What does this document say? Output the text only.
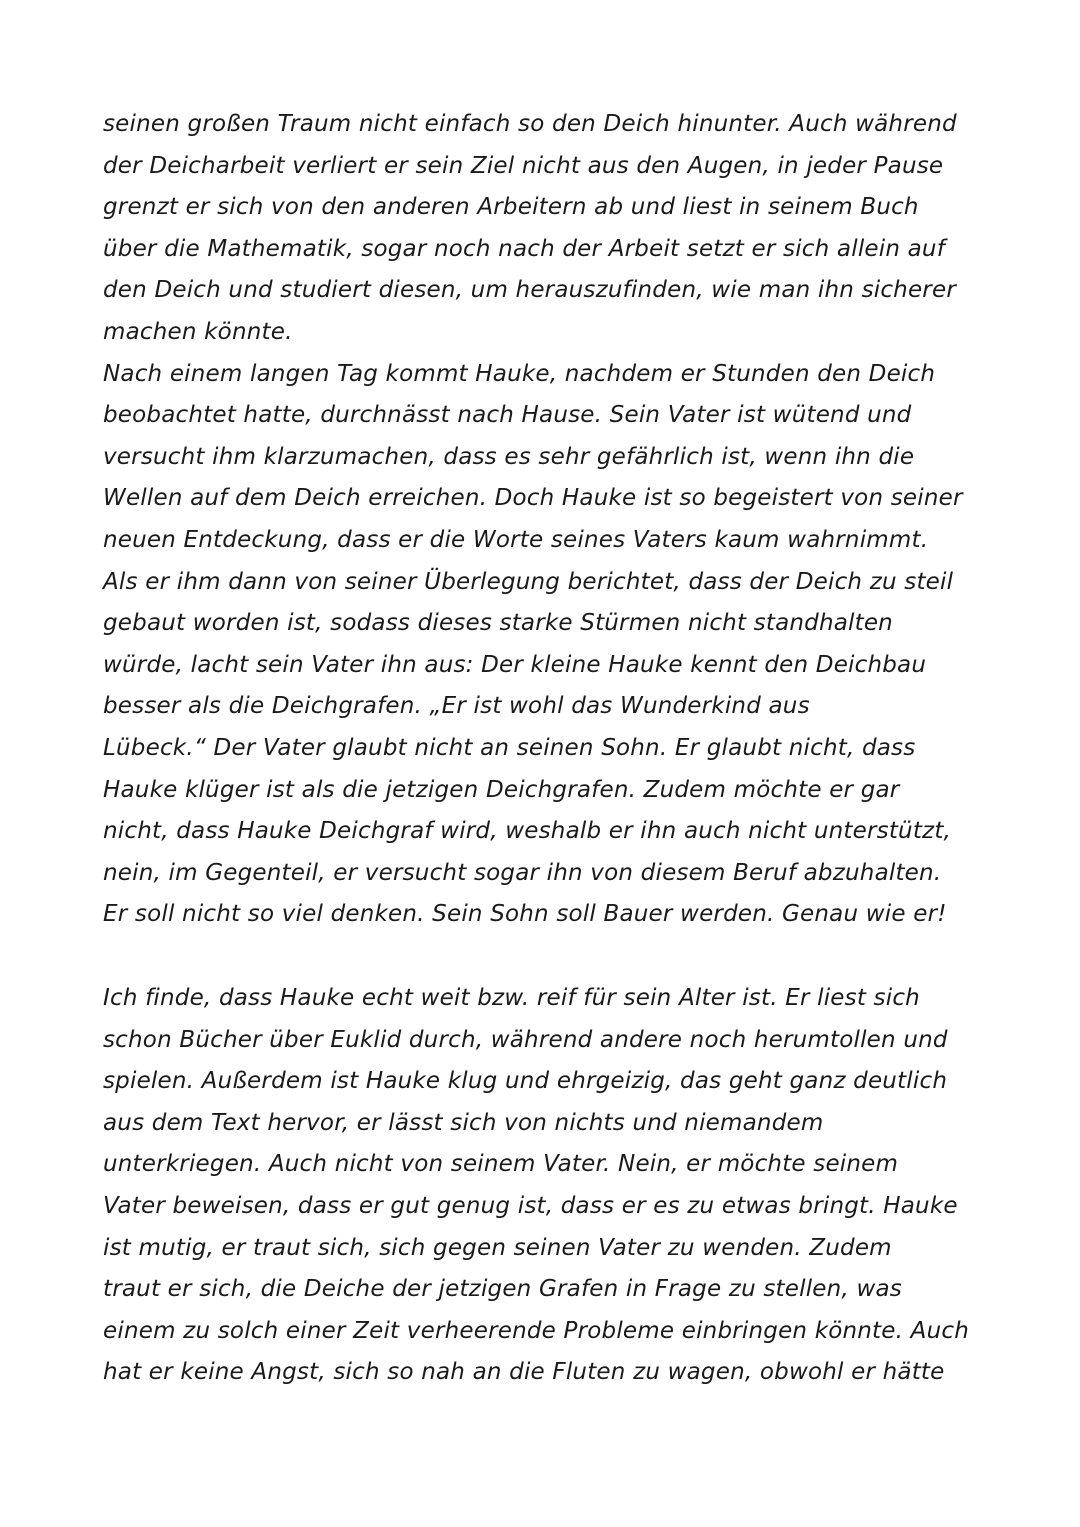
seinen großen Traum nicht einfach so den Deich hinunter. Auch während
der Deicharbeit verliert er sein Ziel nicht aus den Augen, in jeder Pause
grenzt er sich von den anderen Arbeitern ab und liest in seinem Buch
über die Mathematik, sogar noch nach der Arbeit setzt er sich allein auf
den Deich und studiert diesen, um herauszufinden, wie man ihn sicherer
machen könnte.
Nach einem langen Tag kommt Hauke, nachdem er Stunden den Deich
beobachtet hatte, durchnässt nach Hause. Sein Vater ist wütend und
versucht ihm klarzumachen, dass es sehr gefährlich ist, wenn ihn die
Wellen auf dem Deich erreichen. Doch Hauke ist so begeistert von seiner
neuen Entdeckung, dass er die Worte seines Vaters kaum wahrnimmt.
Als er ihm dann von seiner Überlegung berichtet, dass der Deich zu steil
gebaut worden ist, sodass dieses starke Stürmen nicht standhalten
würde, lacht sein Vater ihn aus: Der kleine Hauke kennt den Deichbau
besser als die Deichgrafen. „Er ist wohl das Wunderkind aus
Lübeck.“ Der Vater glaubt nicht an seinen Sohn. Er glaubt nicht, dass
Hauke klüger ist als die jetzigen Deichgrafen. Zudem möchte er gar
nicht, dass Hauke Deichgraf wird, weshalb er ihn auch nicht unterstützt,
nein, im Gegenteil, er versucht sogar ihn von diesem Beruf abzuhalten.
Er soll nicht so viel denken. Sein Sohn soll Bauer werden. Genau wie er!
Ich finde, dass Hauke echt weit bzw. reif für sein Alter ist. Er liest sich
schon Bücher über Euklid durch, während andere noch herumtollen und
spielen. Außerdem ist Hauke klug und ehrgeizig, das geht ganz deutlich
aus dem Text hervor, er lässt sich von nichts und niemandem
unterkriegen. Auch nicht von seinem Vater. Nein, er möchte seinem
Vater beweisen, dass er gut genug ist, dass er es zu etwas bringt. Hauke
ist mutig, er traut sich, sich gegen seinen Vater zu wenden. Zudem
traut er sich, die Deiche der jetzigen Grafen in Frage zu stellen, was
einem zu solch einer Zeit verheerende Probleme einbringen könnte. Auch
hat er keine Angst, sich so nah an die Fluten zu wagen, obwohl er hätte
